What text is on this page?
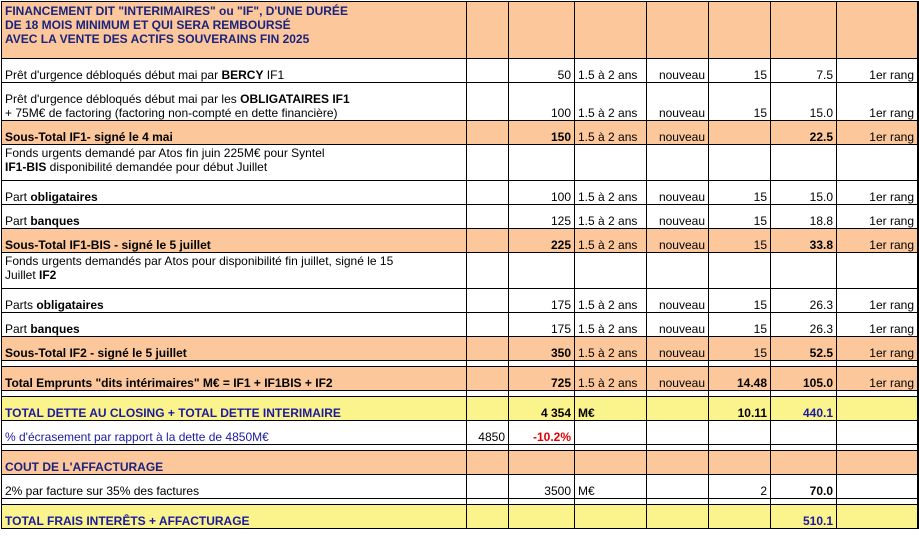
FINANCEMENT DIT "INTERIMAIRES" ou "IF", D'UNE DURÉE
DE 18 MOIS MINIMUM ET QUI SERA REMBOURSÉ
AVEC LA VENTE DES ACTIFS SOUVERAINS FIN 2025								

Prêt d'urgence débloqués début mai par BERCY IF1		50	1.5 à 2 ans	nouveau	15	7.5	1er rang	

Prêt d'urgence débloqués début mai par les OBLIGATAIRES IF1
+ 75M€ de factoring (factoring non-compté en dette financière)		100	1.5 à 2 ans	nouveau	15	15.0	1er rang	
Sous-Total IF1- signé le 4 mai		150	1.5 à 2 ans	nouveau		22.5	1er rang	

Fonds urgents demandé par Atos fin juin 225M€ pour Syntel
IF1-BIS disponibilité demandée pour début Juillet								

Part obligataires		100	1.5 à 2 ans	nouveau	15	15.0	1er rang	
Part banques		125	1.5 à 2 ans	nouveau	15	18.8	1er rang	
Sous-Total IF1-BIS - signé le 5 juillet		225	1.5 à 2 ans	nouveau	15	33.8	1er rang	

Fonds urgents demandés par Atos pour disponibilité fin juillet, signé le 15
Juillet IF2								

Parts obligataires		175	1.5 à 2 ans	nouveau	15	26.3	1er rang	
Part banques		175	1.5 à 2 ans	nouveau	15	26.3	1er rang	
Sous-Total IF2 - signé le 5 juillet		350	1.5 à 2 ans	nouveau	15	52.5	1er rang	

Total Emprunts "dits intérimaires" M€ = IF1 + IF1BIS + IF2		725	1.5 à 2 ans	nouveau	14.48	105.0	1er rang	

TOTAL DETTE AU CLOSING + TOTAL DETTE INTERIMAIRE		4 354	M€		10.11	440.1		
% d'écrasement par rapport à la dette de 4850M€	4850	-10.2%						

COUT DE L'AFFACTURAGE								
2% par facture sur 35% des factures		3500	M€		2	70.0		

TOTAL FRAIS INTERÊTS + AFFACTURAGE						510.1		
